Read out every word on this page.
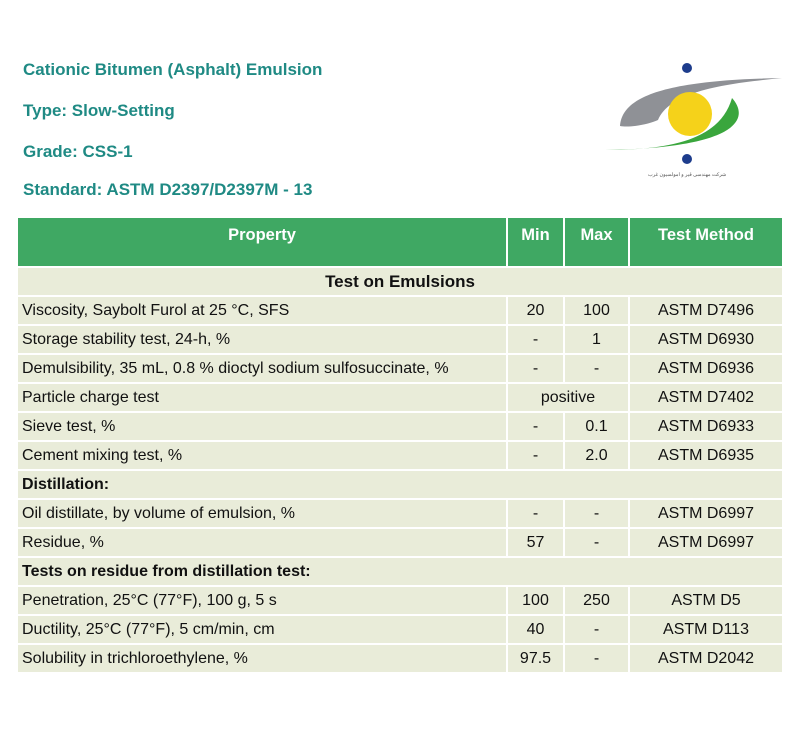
Cationic Bitumen (Asphalt) Emulsion
Type: Slow-Setting
Grade: CSS-1
Standard: ASTM D2397/D2397M - 13
شرکت مهندسی قیر و امولسیون غرب
Property	Min	Max	Test Method
Test on Emulsions			
Viscosity, Saybolt Furol at 25 °C, SFS	20	100	ASTM D7496
Storage stability test, 24-h, %	-	1	ASTM D6930
Demulsibility, 35 mL, 0.8 % dioctyl sodium sulfosuccinate, %	-	-	ASTM D6936
Particle charge test	positive		ASTM D7402
Sieve test, %	-	0.1	ASTM D6933
Cement mixing test, %	-	2.0	ASTM D6935
Distillation:			
Oil distillate, by volume of emulsion, %	-	-	ASTM D6997
Residue, %	57	-	ASTM D6997
Tests on residue from distillation test:			
Penetration, 25°C (77°F), 100 g, 5 s	100	250	ASTM D5
Ductility, 25°C (77°F), 5 cm/min, cm	40	-	ASTM D113
Solubility in trichloroethylene, %	97.5	-	ASTM D2042
